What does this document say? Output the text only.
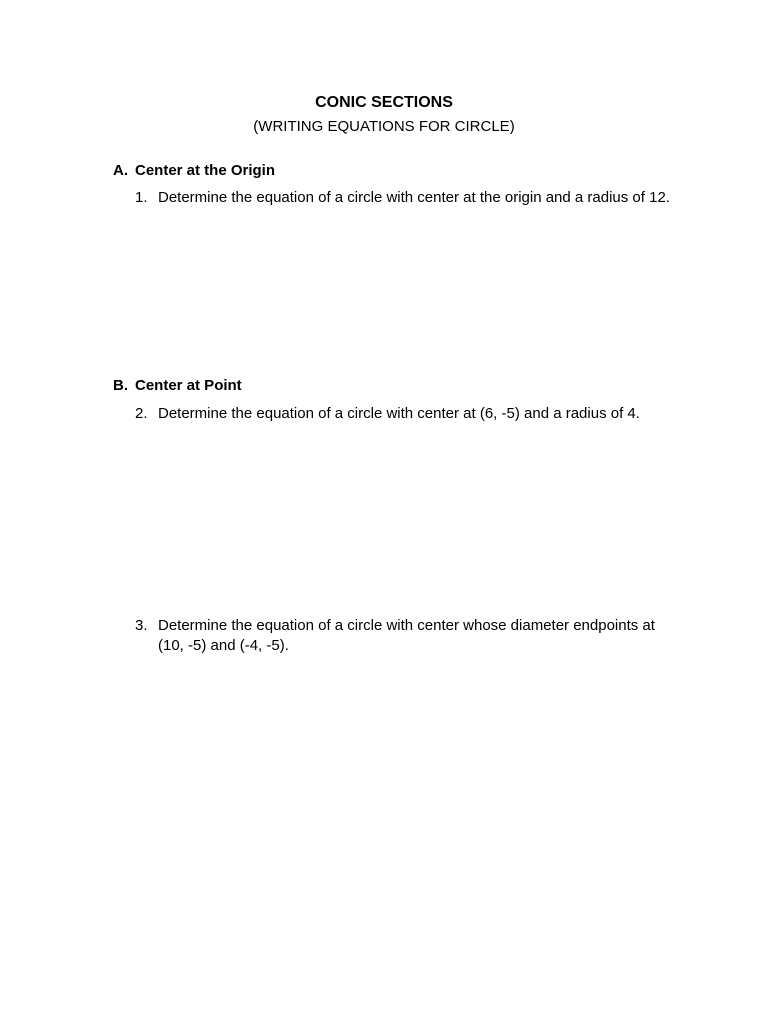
CONIC SECTIONS
(WRITING EQUATIONS FOR CIRCLE)
A. Center at the Origin
1. Determine the equation of a circle with center at the origin and a radius of 12.
B. Center at Point
2. Determine the equation of a circle with center at (6, -5) and a radius of 4.
3. Determine the equation of a circle with center whose diameter endpoints at (10, -5) and (-4, -5).
